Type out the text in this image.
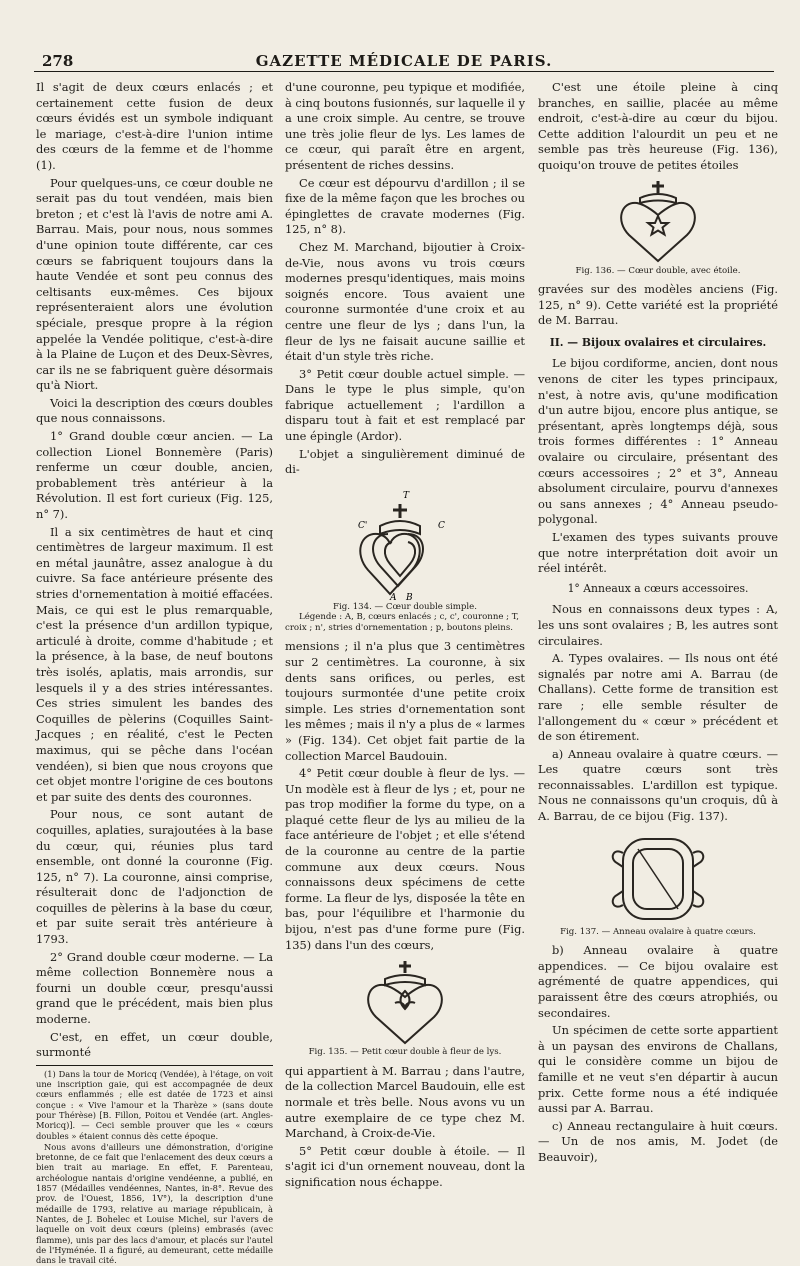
278	GAZETTE MÉDICALE DE PARIS.

Il s'agit de deux cœurs enlacés ; et certainement cette fusion de deux cœurs évidés est un symbole indiquant le mariage, c'est-à-dire l'union intime des cœurs de la femme et de l'homme (1).

Pour quelques-uns, ce cœur double ne serait pas du tout vendéen, mais bien breton ; et c'est là l'avis de notre ami A. Barrau. Mais, pour nous, nous sommes d'une opinion toute différente, car ces cœurs se fabriquent toujours dans la haute Vendée et sont peu connus des celtisants eux-mêmes. Ces bijoux représenteraient alors une évolution spéciale, presque propre à la région appelée la Vendée politique, c'est-à-dire à la Plaine de Luçon et des Deux-Sèvres, car ils ne se fabriquent guère désormais qu'à Niort.

Voici la description des cœurs doubles que nous connaissons.

1° Grand double cœur ancien. — La collection Lionel Bonnemère (Paris) renferme un cœur double, ancien, probablement très antérieur à la Révolution. Il est fort curieux (Fig. 125, n° 7).

Il a six centimètres de haut et cinq centimètres de largeur maximum. Il est en métal jaunâtre, assez analogue à du cuivre. Sa face antérieure présente des stries d'ornementation à moitié effacées. Mais, ce qui est le plus remarquable, c'est la présence d'un ardillon typique, articulé à droite, comme d'habitude ; et la présence, à la base, de neuf boutons très isolés, aplatis, mais arrondis, sur lesquels il y a des stries intéressantes. Ces stries simulent les bandes des Coquilles de pèlerins (Coquilles Saint-Jacques ; en réalité, c'est le Pecten maximus, qui se pêche dans l'océan vendéen), si bien que nous croyons que cet objet montre l'origine de ces boutons et par suite des dents des couronnes.

Pour nous, ce sont autant de coquilles, aplaties, surajoutées à la base du cœur, qui, réunies plus tard ensemble, ont donné la couronne (Fig. 125, n° 7). La couronne, ainsi comprise, résulterait donc de l'adjonction de coquilles de pèlerins à la base du cœur, et par suite serait très antérieure à 1793.

2° Grand double cœur moderne. — La même collection Bonnemère nous a fourni un double cœur, presqu'aussi grand que le précédent, mais bien plus moderne.

C'est, en effet, un cœur double, surmonté

(1) Dans la tour de Moricq (Vendée), à l'étage, on voit une inscription gaie, qui est accompagnée de deux cœurs enflammés ; elle est datée de 1723 et ainsi conçue : « Vive l'amour et la Tharèze » (sans doute pour Thérèse) [B. Fillon, Poitou et Vendée (art. Angles-Moricq)]. — Ceci semble prouver que les « cœurs doubles » étaient connus dès cette époque.

Nous avons d'ailleurs une démonstration, d'origine bretonne, de ce fait que l'enlacement des deux cœurs a bien trait au mariage. En effet, F. Parenteau, archéologue nantais d'origine vendéenne, a publié, en 1857 (Médailles vendéennes, Nantes, in-8°. Revue des prov. de l'Ouest, 1856, 1V°), la description d'une médaille de 1793, relative au mariage républicain, à Nantes, de J. Bohelec et Louise Michel, sur l'avers de laquelle on voit deux cœurs (pleins) embrasés (avec flamme), unis par des lacs d'amour, et placés sur l'autel de l'Hyménée. Il a figuré, au demeurant, cette médaille dans le travail cité.

d'une couronne, peu typique et modifiée, à cinq boutons fusionnés, sur laquelle il y a une croix simple. Au centre, se trouve une très jolie fleur de lys. Les lames de ce cœur, qui paraît être en argent, présentent de riches dessins.

Ce cœur est dépourvu d'ardillon ; il se fixe de la même façon que les broches ou épinglettes de cravate modernes (Fig. 125, n° 8).

Chez M. Marchand, bijoutier à Croix-de-Vie, nous avons vu trois cœurs modernes presqu'identiques, mais moins soignés encore. Tous avaient une couronne surmontée d'une croix et au centre une fleur de lys ; dans l'un, la fleur de lys ne faisait aucune saillie et était d'un style très riche.

3° Petit cœur double actuel simple. — Dans le type le plus simple, qu'on fabrique actuellement ; l'ardillon a disparu tout à fait et est remplacé par une épingle (Ardor).

L'objet a singulièrement diminué de di-

T
C'	C
A B
Fig. 134. — Cœur double simple.

Légende : A, B, cœurs enlacés ; c, c', couronne ; T, croix ; n', stries d'ornementation ; p, boutons pleins.

mensions ; il n'a plus que 3 centimètres sur 2 centimètres. La couronne, à six dents sans orifices, ou perles, est toujours surmontée d'une petite croix simple. Les stries d'ornementation sont les mêmes ; mais il n'y a plus de « larmes » (Fig. 134). Cet objet fait partie de la collection Marcel Baudouin.

4° Petit cœur double à fleur de lys. — Un modèle est à fleur de lys ; et, pour ne pas trop modifier la forme du type, on a plaqué cette fleur de lys au milieu de la face antérieure de l'objet ; et elle s'étend de la couronne au centre de la partie commune aux deux cœurs. Nous connaissons deux spécimens de cette forme. La fleur de lys, disposée la tête en bas, pour l'équilibre et l'harmonie du bijou, n'est pas d'une forme pure (Fig. 135) dans l'un des cœurs,

Fig. 135. — Petit cœur double à fleur de lys.

qui appartient à M. Barrau ; dans l'autre, de la collection Marcel Baudouin, elle est normale et très belle. Nous avons vu un autre exemplaire de ce type chez M. Marchand, à Croix-de-Vie.

5° Petit cœur double à étoile. — Il s'agit ici d'un ornement nouveau, dont la signification nous échappe.

C'est une étoile pleine à cinq branches, en saillie, placée au même endroit, c'est-à-dire au cœur du bijou. Cette addition l'alourdit un peu et ne semble pas très heureuse (Fig. 136), quoiqu'on trouve de petites étoiles

Fig. 136. — Cœur double, avec étoile.

gravées sur des modèles anciens (Fig. 125, n° 9). Cette variété est la propriété de M. Barrau.

II. — Bijoux ovalaires et circulaires.

Le bijou cordiforme, ancien, dont nous venons de citer les types principaux, n'est, à notre avis, qu'une modification d'un autre bijou, encore plus antique, se présentant, après longtemps déjà, sous trois formes différentes : 1° Anneau ovalaire ou circulaire, présentant des cœurs accessoires ; 2° et 3°, Anneau absolument circulaire, pourvu d'annexes ou sans annexes ; 4° Anneau pseudo-polygonal.

L'examen des types suivants prouve que notre interprétation doit avoir un réel intérêt.

1° Anneaux a cœurs accessoires.

Nous en connaissons deux types : A, les uns sont ovalaires ; B, les autres sont circulaires.

A. Types ovalaires. — Ils nous ont été signalés par notre ami A. Barrau (de Challans). Cette forme de transition est rare ; elle semble résulter de l'allongement du « cœur » précédent et de son étirement.

a) Anneau ovalaire à quatre cœurs. — Les quatre cœurs sont très reconnaissables. L'ardillon est typique. Nous ne connaissons qu'un croquis, dû à A. Barrau, de ce bijou (Fig. 137).

Fig. 137. — Anneau ovalaire à quatre cœurs.

b) Anneau ovalaire à quatre appendices. — Ce bijou ovalaire est agrémenté de quatre appendices, qui paraissent être des cœurs atrophiés, ou secondaires.

Un spécimen de cette sorte appartient à un paysan des environs de Challans, qui le considère comme un bijou de famille et ne veut s'en départir à aucun prix. Cette forme nous a été indiquée aussi par A. Barrau.

c) Anneau rectangulaire à huit cœurs. — Un de nos amis, M. Jodet (de Beauvoir),
